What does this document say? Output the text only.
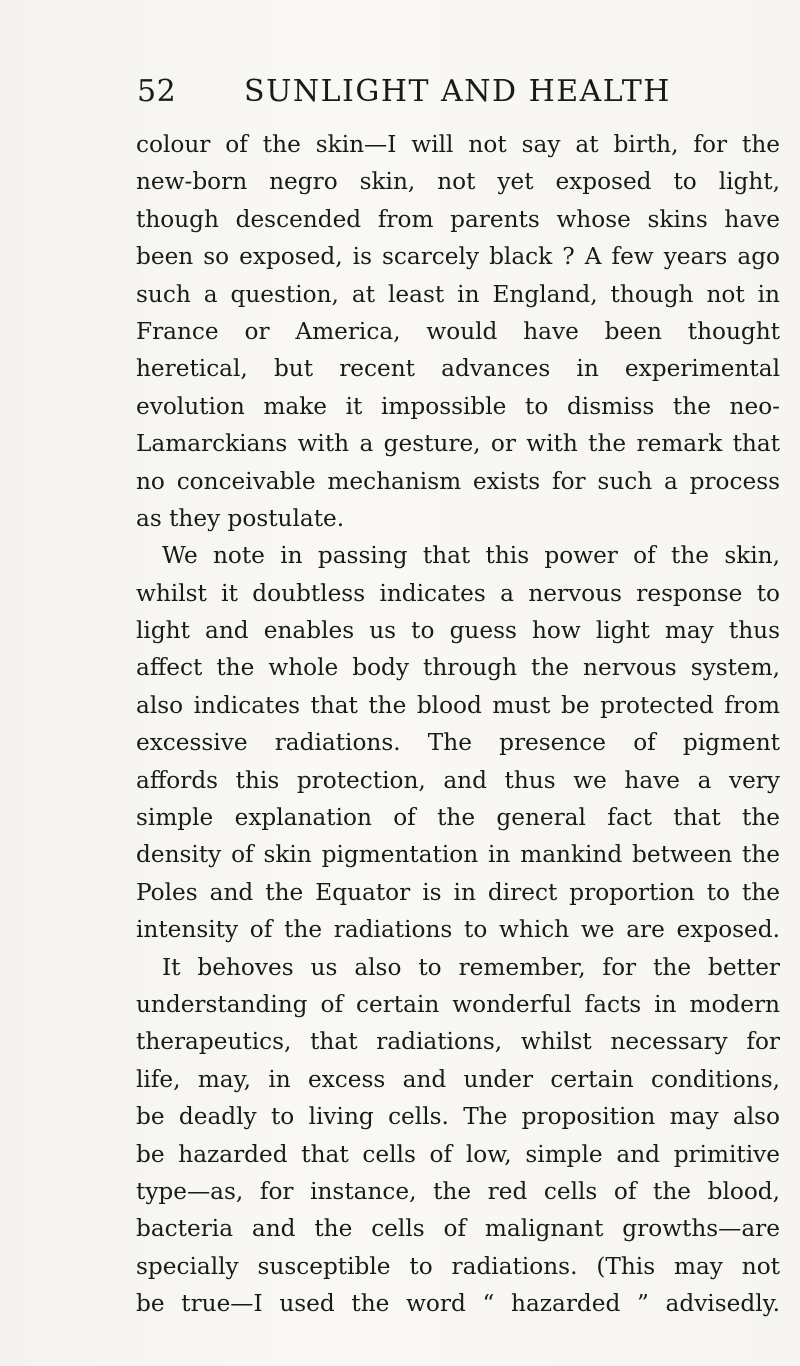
52	SUNLIGHT AND HEALTH
colour of the skin—I will not say at birth, for the
new-born negro skin, not yet exposed to light,
though descended from parents whose skins have
been so exposed, is scarcely black ? A few years ago
such a question, at least in England, though not in
France or America, would have been thought
heretical, but recent advances in experimental
evolution make it impossible to dismiss the neo-
Lamarckians with a gesture, or with the remark that
no conceivable mechanism exists for such a process
as they postulate.
We note in passing that this power of the skin,
whilst it doubtless indicates a nervous response to
light and enables us to guess how light may thus
affect the whole body through the nervous system,
also indicates that the blood must be protected from
excessive radiations. The presence of pigment
affords this protection, and thus we have a very
simple explanation of the general fact that the
density of skin pigmentation in mankind between the
Poles and the Equator is in direct proportion to the
intensity of the radiations to which we are exposed.
It behoves us also to remember, for the better
understanding of certain wonderful facts in modern
therapeutics, that radiations, whilst necessary for
life, may, in excess and under certain conditions,
be deadly to living cells. The proposition may also
be hazarded that cells of low, simple and primitive
type—as, for instance, the red cells of the blood,
bacteria and the cells of malignant growths—are
specially susceptible to radiations. (This may not
be true—I used the word “ hazarded ” advisedly.
